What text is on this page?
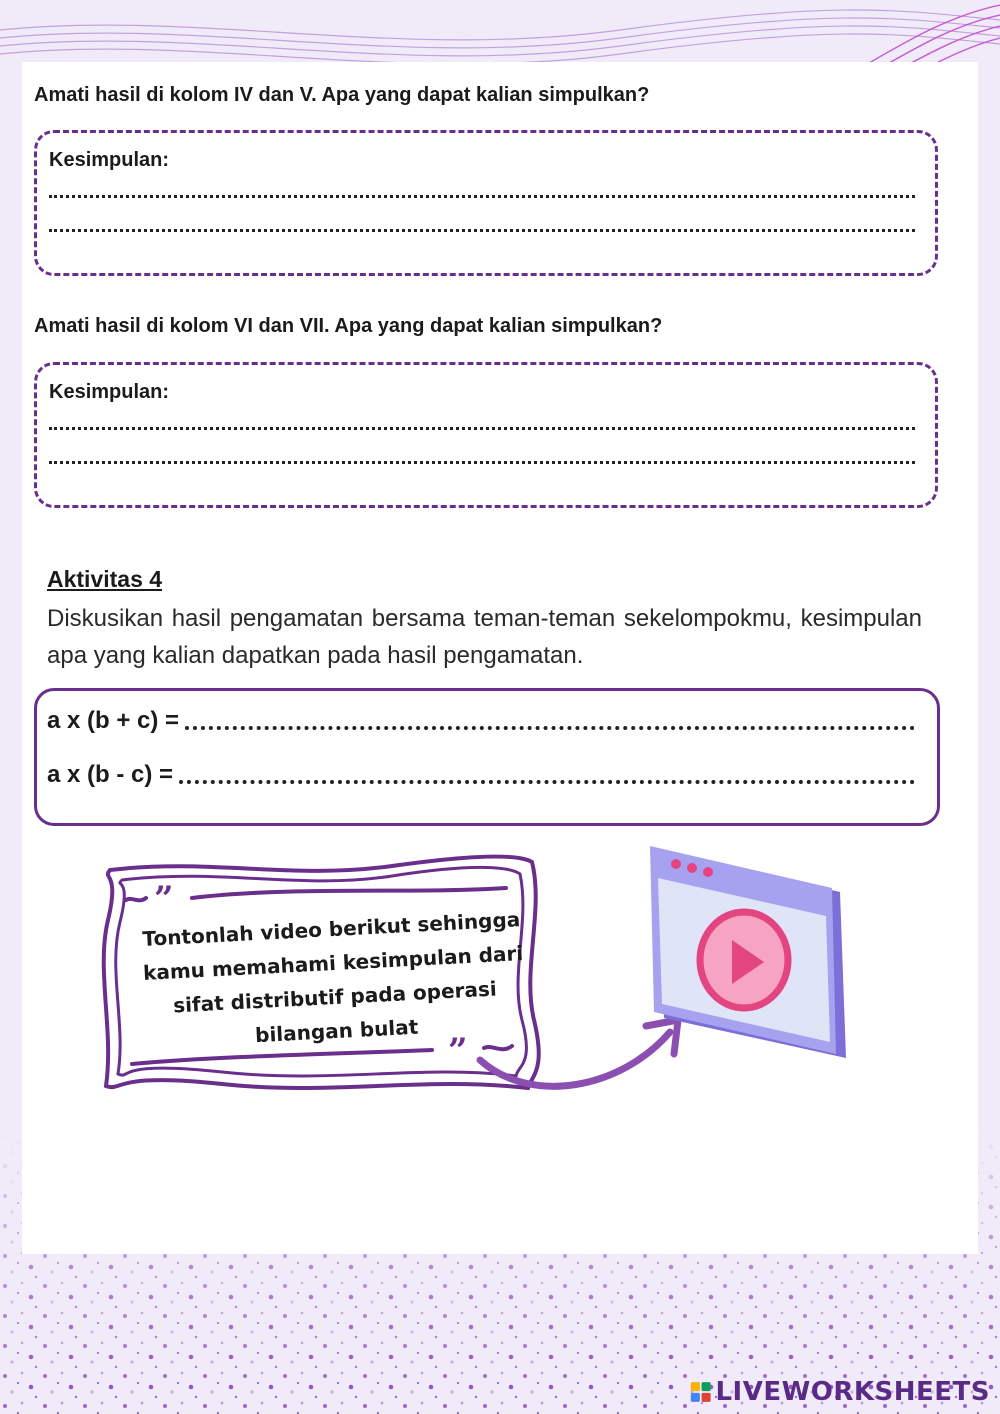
Amati hasil di kolom IV dan V. Apa yang dapat kalian simpulkan?
Kesimpulan:
Amati hasil di kolom VI dan VII. Apa yang dapat kalian simpulkan?
Kesimpulan:
Aktivitas 4
Diskusikan hasil pengamatan bersama teman-teman sekelompokmu, kesimpulan apa yang kalian dapatkan pada hasil pengamatan.
a x (b + c) =
a x (b - c) =
”
”
Tontonlah video berikut sehingga kamu memahami kesimpulan dari sifat distributif pada operasi bilangan bulat
LIVEWORKSHEETS
